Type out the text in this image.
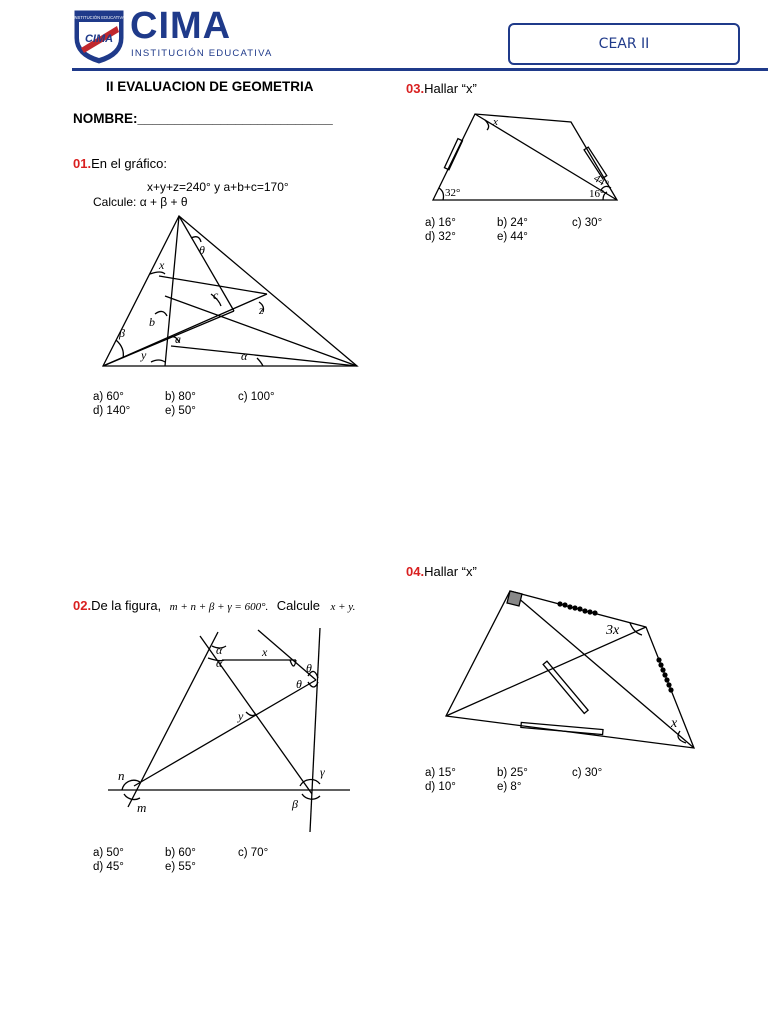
INSTITUCIÓN EDUCATIVA
CIMA CIMA
INSTITUCIÓN EDUCATIVA
CEAR II
II EVALUACION DE GEOMETRIA
NOMBRE:__________________________
01.En el gráfico:
x+y+z=240° y a+b+c=170°
Calcule: α + β + θ
x
θ
c
z
β
b
a
y	α
a) 60°	b) 80°	c) 100°
d) 140°	e) 50°
02.De la figura, m + n + β + γ = 600°. Calcule x + y.
α
α
x
θ
θ
y
n
m
γ
β
a) 50°	b) 60°	c) 70°
d) 45°	e) 55°
03.Hallar “x”
x
32°
44°
16°
a) 16°	b) 24°	c) 30°
d) 32°	e) 44°
04.Hallar “x”
3x
x
a) 15°	b) 25°	c) 30°
d) 10°	e) 8°
